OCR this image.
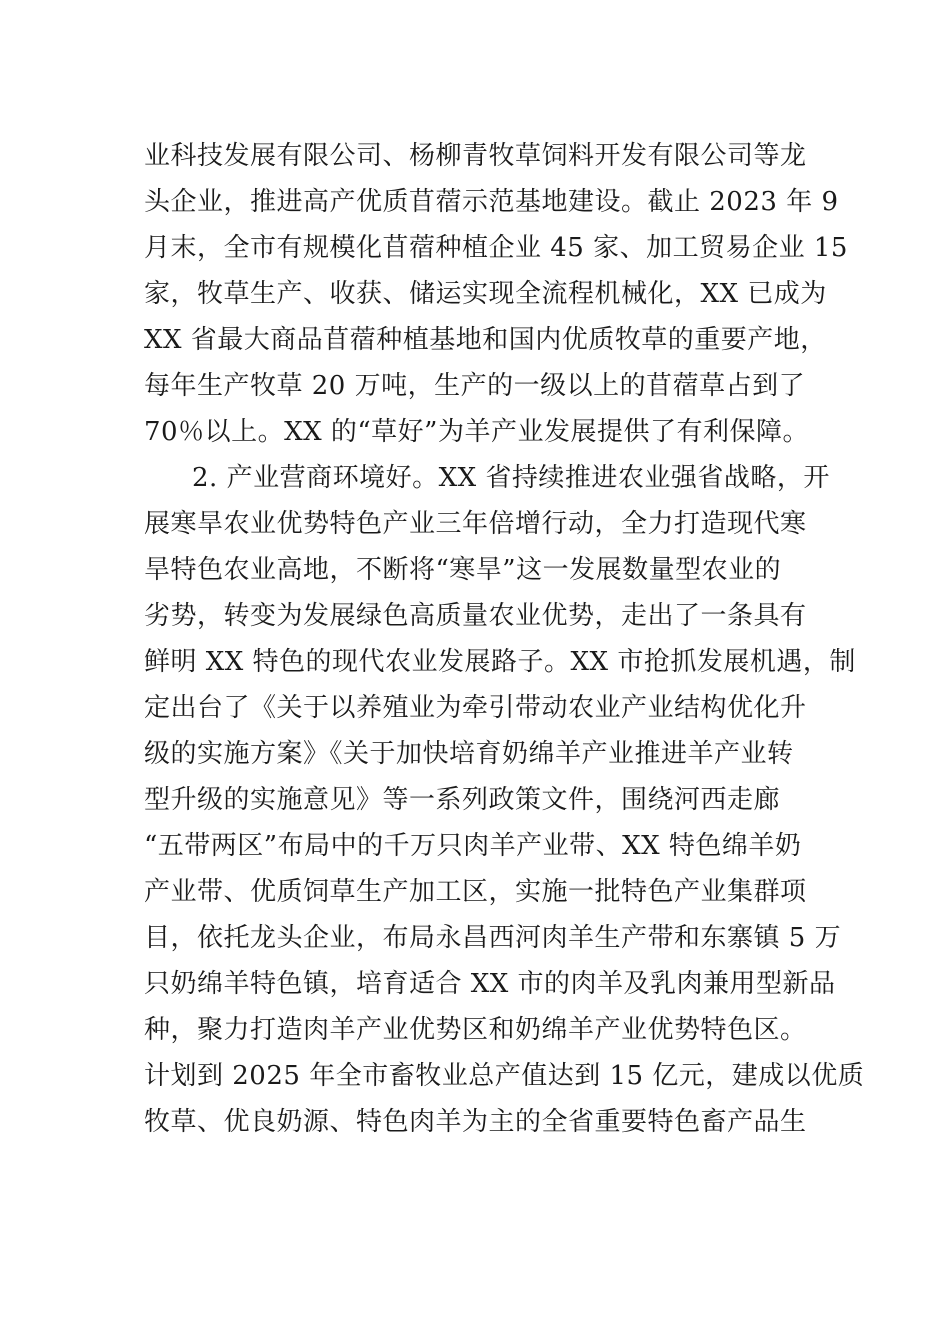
业科技发展有限公司、杨柳青牧草饲料开发有限公司等龙
头企业，推进高产优质苜蓿示范基地建设。截止 2023 年 9
月末，全市有规模化苜蓿种植企业 45 家、加工贸易企业 15
家，牧草生产、收获、储运实现全流程机械化，XX 已成为
XX 省最大商品苜蓿种植基地和国内优质牧草的重要产地，
每年生产牧草 20 万吨，生产的一级以上的苜蓿草占到了
70％以上。XX 的“草好”为羊产业发展提供了有利保障。
2. 产业营商环境好。XX 省持续推进农业强省战略，开
展寒旱农业优势特色产业三年倍增行动，全力打造现代寒
旱特色农业高地，不断将“寒旱”这一发展数量型农业的
劣势，转变为发展绿色高质量农业优势，走出了一条具有
鲜明 XX 特色的现代农业发展路子。XX 市抢抓发展机遇，制
定出台了《关于以养殖业为牵引带动农业产业结构优化升
级的实施方案》《关于加快培育奶绵羊产业推进羊产业转
型升级的实施意见》等一系列政策文件，围绕河西走廊
“五带两区”布局中的千万只肉羊产业带、XX 特色绵羊奶
产业带、优质饲草生产加工区，实施一批特色产业集群项
目，依托龙头企业，布局永昌西河肉羊生产带和东寨镇 5 万
只奶绵羊特色镇，培育适合 XX 市的肉羊及乳肉兼用型新品
种，聚力打造肉羊产业优势区和奶绵羊产业优势特色区。
计划到 2025 年全市畜牧业总产值达到 15 亿元，建成以优质
牧草、优良奶源、特色肉羊为主的全省重要特色畜产品生
